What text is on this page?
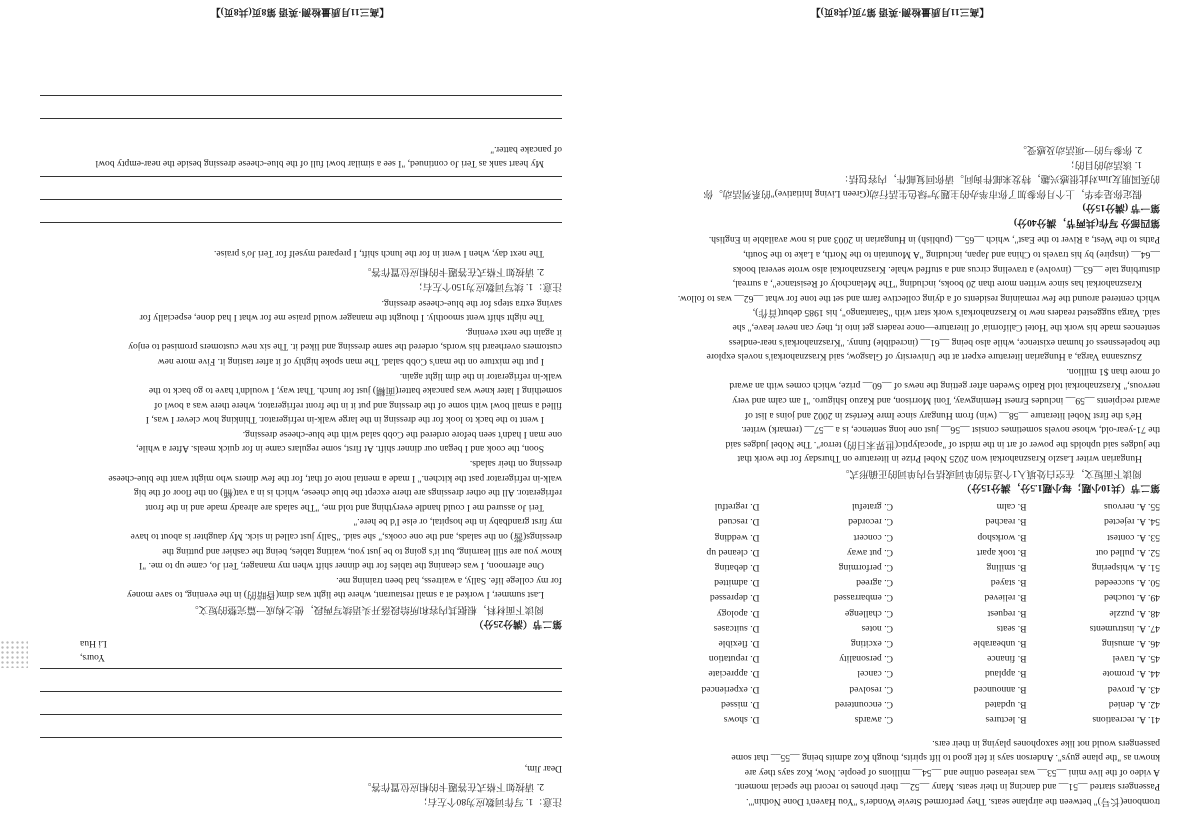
注意：1. 写作词数应为80个左右；
2. 请按如下格式在答题卡的相应位置作答。
Dear Jim,
Yours,
Li Hua
第二节（满分25分）
阅读下面材料，根据其内容和所给段落开头语续写两段，使之构成一篇完整的短文。
Last summer, I worked at a small restaurant, where the light was dim(昏暗的) in the evening, to save money
for my college life. Sally, a waitress, had been training me.
One afternoon, I was cleaning the tables for the dinner shift when my manager, Teri Jo, came up to me. "I
know you are still learning, but it's going to be just you, waiting tables, being the cashier and putting the
dressings(酱) on the salads, and the one cooks," she said. "Sally just called in sick. My daughter is about to have
my first grandbaby in the hospital, or else I'd be here."
Teri Jo assured me I could handle everything and told me, "The salads are already made and in the front
refrigerator. All the other dressings are there except the blue cheese, which is in a vat(桶) on the floor of the big
walk-in refrigerator past the kitchen." I made a mental note of that, for the few diners who might want the blue-cheese
dressing on their salads.
Soon, the cook and I began our dinner shift. At first, some regulars came in for quick meals. After a while,
one man I hadn't seen before ordered the Cobb salad with the blue-cheese dressing.
I went to the back to look for the dressing in the large walk-in refrigerator. Thinking how clever I was, I
filled a small bowl with some of the dressing and put it in the front refrigerator, where there was a bowl of
something I later knew was pancake batter(面糊) just for lunch. That way, I wouldn't have to go back to the
walk-in refrigerator in the dim light again.
I put the mixture on the man's Cobb salad. The man spoke highly of it after tasting it. Five more new
customers overheard his words, ordered the same dressing and liked it. The six new customers promised to enjoy
it again the next evening.
The night shift went smoothly. I thought the manager would praise me for what I had done, especially for
saving extra steps for the blue-cheese dressing.
注意：1. 续写词数应为150个左右；
2. 请按如下格式在答题卡的相应位置作答。
The next day, when I went in for the lunch shift, I prepared myself for Teri Jo's praise.
My heart sank as Teri Jo continued, "I see a similar bowl full of the blue-cheese dressing beside the near-empty bowl
of pancake batter."
【高三11月质量检测·英语 第8页(共8页)】
trombone(长号)" between the airplane seats. They performed Stevie Wonder's "You Haven't Done Nothin'".
Passengers started __51__ and dancing in their seats. Many __52__ their phones to record the special moment.
A video of the live mini __53__ was released online and __54__ millions of people. Now, Koz says they are
known as "the plane guys". Anderson says it felt good to lift spirits, though Koz admits being __55__ that some
passengers would not like saxophones playing in their ears.
41. A. recreations
B. lectures
C. awards
D. shows
42. A. denied
B. updated
C. encountered
D. missed
43. A. proved
B. announced
C. resolved
D. experienced
44. A. promote
B. applaud
C. cancel
D. appreciate
45. A. travel
B. finance
C. personality
D. reputation
46. A. amusing
B. unbearable
C. exciting
D. flexible
47. A. instruments
B. seats
C. notes
D. suitcases
48. A. puzzle
B. request
C. challenge
D. apology
49. A. touched
B. relieved
C. embarrassed
D. depressed
50. A. succeeded
B. stayed
C. agreed
D. admitted
51. A. whispering
B. smiling
C. performing
D. debating
52. A. pulled out
B. took apart
C. put away
D. cleaned up
53. A. contest
B. workshop
C. concert
D. wedding
54. A. rejected
B. reached
C. recorded
D. rescued
55. A. nervous
B. calm
C. grateful
D. regretful
第二节（共10小题；每小题1.5分，满分15分）
阅读下面短文，在空白处填入1个适当的单词或括号内单词的正确形式。
Hungarian writer Laszlo Krasznahorkai won 2025 Nobel Prize in literature on Thursday for the work that
the judges said upholds the power of art in the midst of "apocalyptic(世界末日的) terror". The Nobel judges said
the 71-year-old, whose novels sometimes consist __56__ just one long sentence, is a __57__ (remark) writer.
He's the first Nobel literature __58__ (win) from Hungary since Imre Kertész in 2002 and joins a list of
award recipients __59__ includes Ernest Hemingway, Toni Morrison, and Kazuo Ishiguro. "I am calm and very
nervous," Krasznahorkai told Radio Sweden after getting the news of __60__ prize, which comes with an award
of more than $1 million.
Zsuzsanna Varga, a Hungarian literature expert at the University of Glasgow, said Krasznahorkai's novels explore
the hopelessness of human existence, while also being __61__ (incredible) funny. "Krasznahorkai's near-endless
sentences made his work the 'Hotel California' of literature—once readers get into it, they can never leave," she
said. Varga suggested readers new to Krasznahorkai's work start with "Satantango", his 1985 debut(首作),
which centered around the few remaining residents of a dying collective farm and set the tone for what __62__ was to follow.
Krasznahorkai has since written more than 20 books, including "The Melancholy of Resistance", a surreal,
disturbing tale __63__ (involve) a traveling circus and a stuffed whale. Krasznahorkai also wrote several books
__64__ (inspire) by his travels to China and Japan, including "A Mountain to the North, a Lake to the South,
Paths to the West, a River to the East", which __65__ (publish) in Hungarian in 2003 and is now available in English.
第四部分 写作(共两节，满分40分)
第一节 (满分15分)
假定你是李华，上个月你参加了你市举办的主题为"绿色生活行动(Green Living Initiative)"的系列活动。你
的英国朋友Jim对此很感兴趣，特发来邮件询问。请你回复邮件，内容包括：
1. 该活动的目的；
2. 你参与的一项活动及感受。
【高三11月质量检测·英语 第7页(共8页)】
